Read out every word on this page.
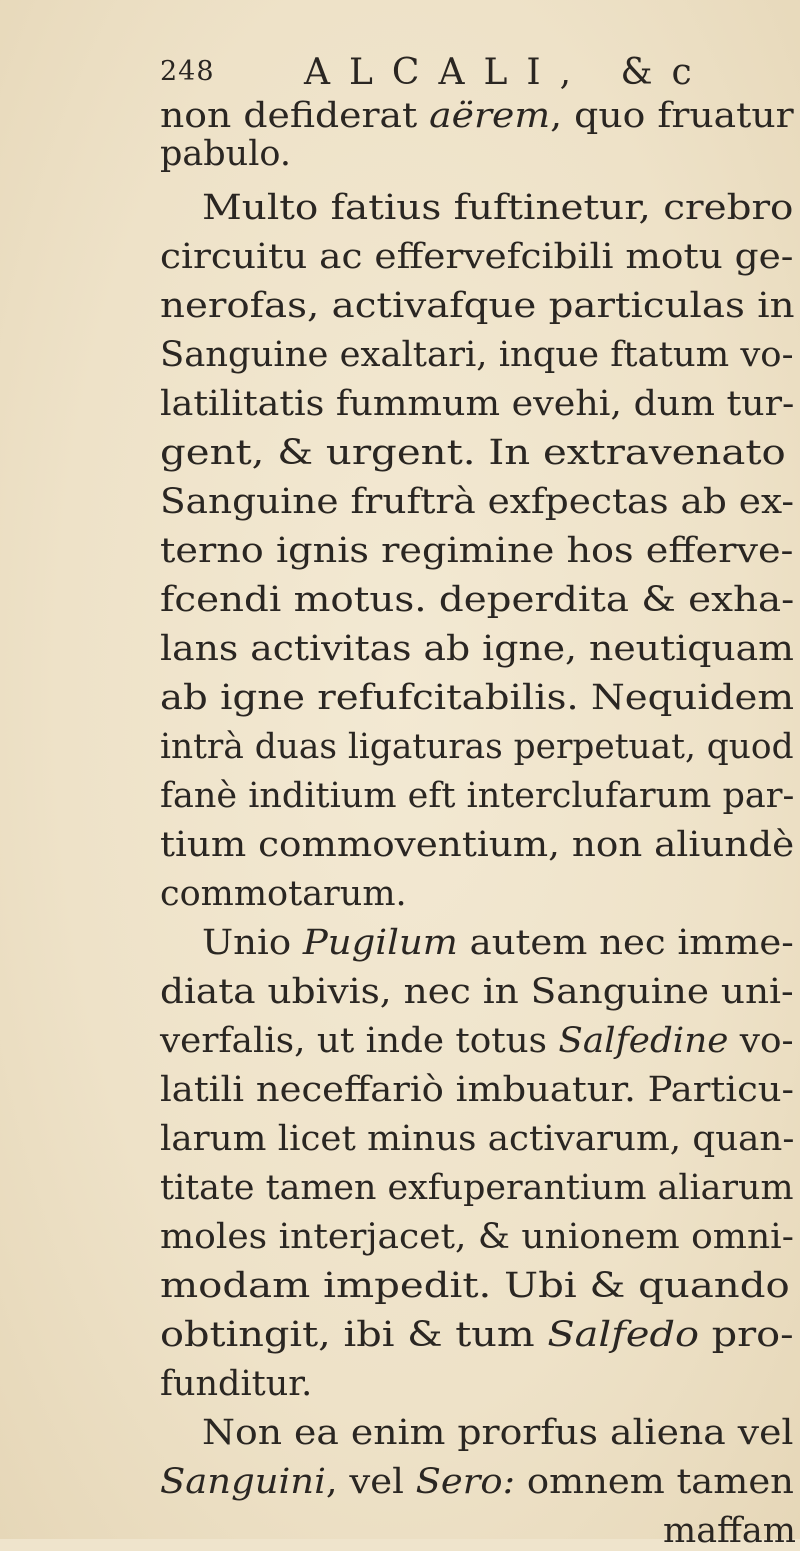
248 ALCALI, &c
non defiderat aërem, quo fruatur
pabulo.
Multo fatius fuftinetur, crebro
circuitu ac effervefcibili motu ge-
nerofas, activafque particulas in
Sanguine exaltari, inque ftatum vo-
latilitatis fummum evehi, dum tur-
gent, & urgent. In extravenato
Sanguine fruftrà exfpectas ab ex-
terno ignis regimine hos efferve-
fcendi motus. deperdita & exha-
lans activitas ab igne, neutiquam
ab igne refufcitabilis. Nequidem
intrà duas ligaturas perpetuat, quod
fanè inditium eft interclufarum par-
tium commoventium, non aliundè
commotarum.
Unio Pugilum autem nec imme-
diata ubivis, nec in Sanguine uni-
verfalis, ut inde totus Salfedine vo-
latili neceffariò imbuatur. Particu-
larum licet minus activarum, quan-
titate tamen exfuperantium aliarum
moles interjacet, & unionem omni-
modam impedit. Ubi & quando
obtingit, ibi & tum Salfedo pro-
funditur.
Non ea enim prorfus aliena vel
Sanguini, vel Sero: omnem tamen
maffam
